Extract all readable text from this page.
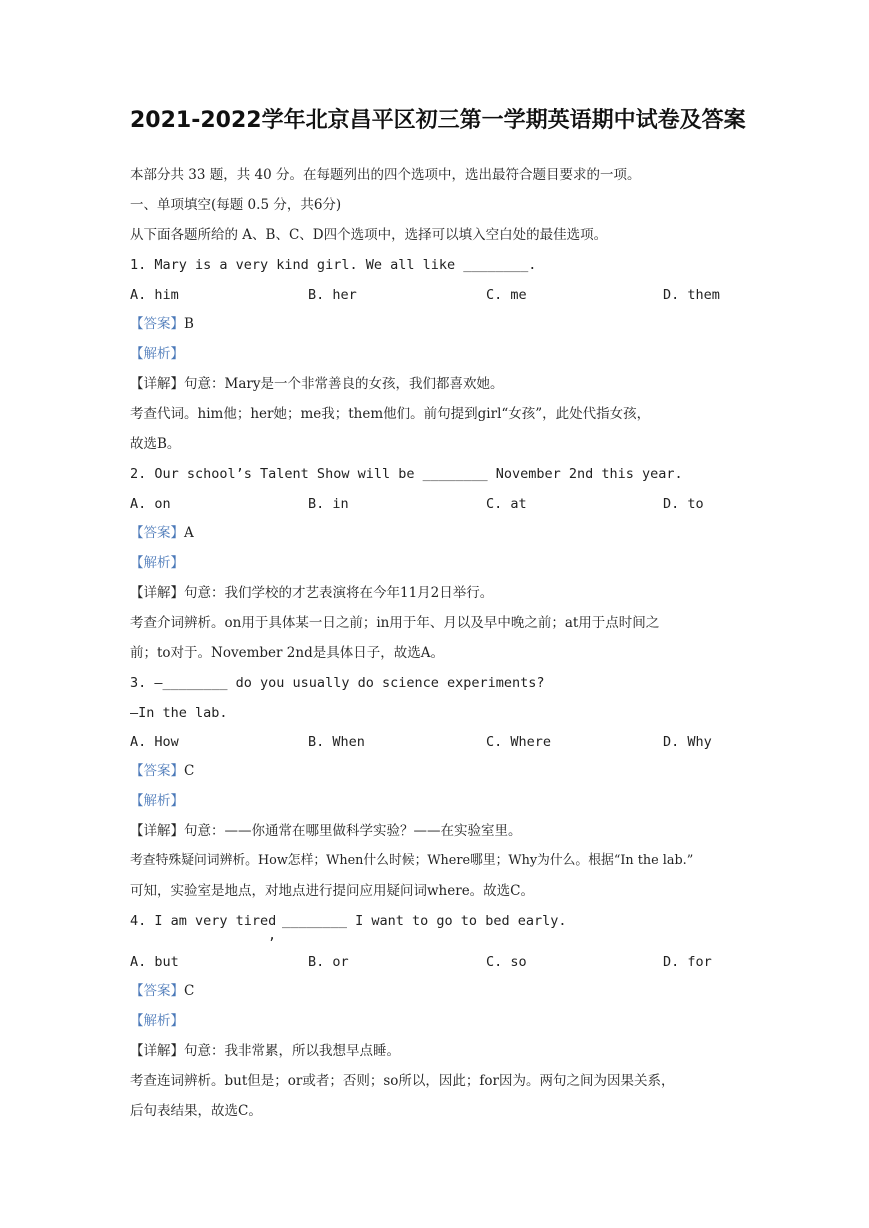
2021-2022学年北京昌平区初三第一学期英语期中试卷及答案
本部分共 33 题，共 40 分。在每题列出的四个选项中，选出最符合题目要求的一项。
一、单项填空(每题 0.5 分，共6分)
从下面各题所给的 A、B、C、D四个选项中，选择可以填入空白处的最佳选项。
1. Mary is a very kind girl. We all like ________.
A. him	B. her	C. me	D. them
【答案】B
【解析】
【详解】句意：Mary是一个非常善良的女孩，我们都喜欢她。
考查代词。him他；her她；me我；them他们。前句提到girl“女孩”，此处代指女孩，
故选B。
2. Our school’s Talent Show will be ________ November 2nd this year.
A. on	B. in	C. at	D. to
【答案】A
【解析】
【详解】句意：我们学校的才艺表演将在今年11月2日举行。
考查介词辨析。on用于具体某一日之前；in用于年、月以及早中晚之前；at用于点时间之
前；to对于。November 2nd是具体日子，故选A。
3. —________ do you usually do science experiments?
—In the lab.
A. How	B. When	C. Where	D. Why
【答案】C
【解析】
【详解】句意：——你通常在哪里做科学实验？——在实验室里。
考查特殊疑问词辨析。How怎样；When什么时候；Where哪里；Why为什么。根据“In the lab.”
可知，实验室是地点，对地点进行提问应用疑问词where。故选C。
4. I am very tired
,
________ I want to go to bed early.
A. but	B. or	C. so	D. for
【答案】C
【解析】
【详解】句意：我非常累，所以我想早点睡。
考查连词辨析。but但是；or或者；否则；so所以，因此；for因为。两句之间为因果关系，
后句表结果，故选C。
